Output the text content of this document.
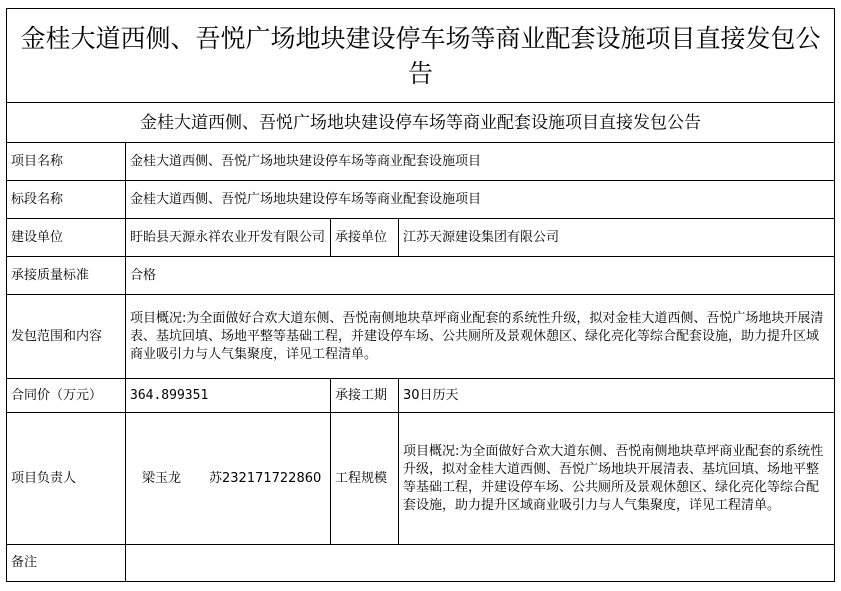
金桂大道西侧、吾悦广场地块建设停车场等商业配套设施项目直接发包公告			
金桂大道西侧、吾悦广场地块建设停车场等商业配套设施项目直接发包公告			
项目名称	金桂大道西侧、吾悦广场地块建设停车场等商业配套设施项目		
标段名称	金桂大道西侧、吾悦广场地块建设停车场等商业配套设施项目		
建设单位	盱眙县天源永祥农业开发有限公司	承接单位	江苏天源建设集团有限公司
承接质量标准	合格		
发包范围和内容	项目概况:为全面做好合欢大道东侧、吾悦南侧地块草坪商业配套的系统性升级，拟对金桂大道西侧、吾悦广场地块开展清表、基坑回填、场地平整等基础工程，并建设停车场、公共厕所及景观休憩区、绿化亮化等综合配套设施，助力提升区域商业吸引力与人气集聚度，详见工程清单。		
合同价（万元）	364.899351	承接工期	30日历天
项目负责人	梁玉龙 苏232171722860	工程规模	项目概况:为全面做好合欢大道东侧、吾悦南侧地块草坪商业配套的系统性升级，拟对金桂大道西侧、吾悦广场地块开展清表、基坑回填、场地平整等基础工程，并建设停车场、公共厕所及景观休憩区、绿化亮化等综合配套设施，助力提升区域商业吸引力与人气集聚度，详见工程清单。
备注			
